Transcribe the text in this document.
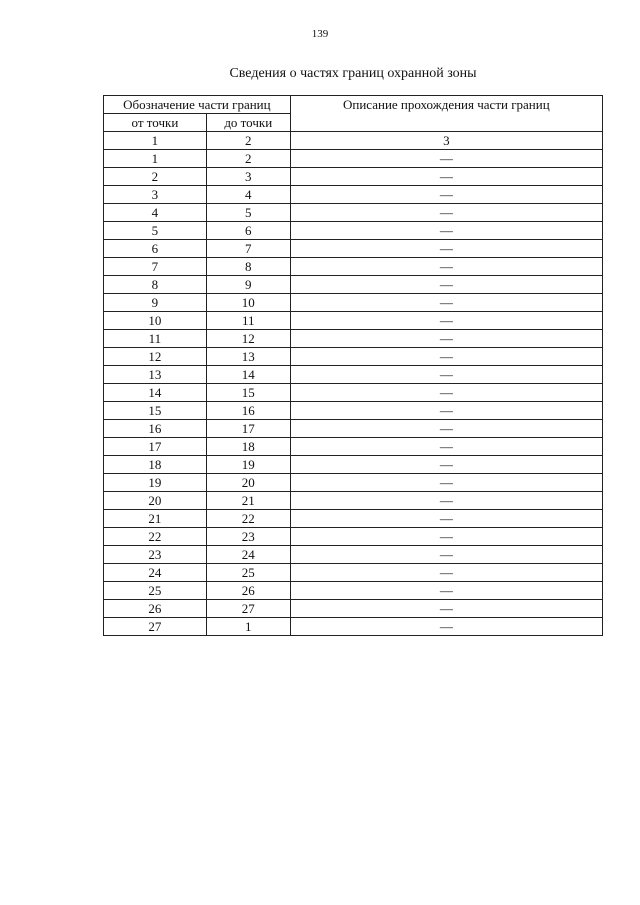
139
Сведения о частях границ охранной зоны
Обозначение части границ		Описание прохождения части границ
от точки	до точки	
1	2	3
1	2	—
2	3	—
3	4	—
4	5	—
5	6	—
6	7	—
7	8	—
8	9	—
9	10	—
10	11	—
11	12	—
12	13	—
13	14	—
14	15	—
15	16	—
16	17	—
17	18	—
18	19	—
19	20	—
20	21	—
21	22	—
22	23	—
23	24	—
24	25	—
25	26	—
26	27	—
27	1	—
